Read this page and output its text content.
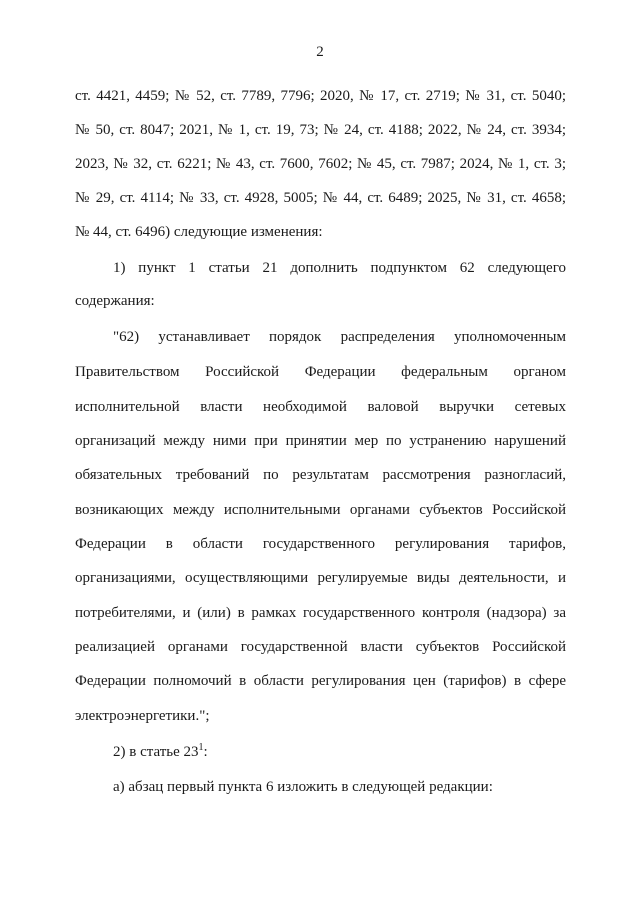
2
ст. 4421, 4459; № 52, ст. 7789, 7796; 2020, № 17, ст. 2719; № 31, ст. 5040;
№ 50, ст. 8047; 2021, № 1, ст. 19, 73; № 24, ст. 4188; 2022, № 24, ст. 3934;
2023, № 32, ст. 6221; № 43, ст. 7600, 7602; № 45, ст. 7987; 2024, № 1, ст. 3;
№ 29, ст. 4114; № 33, ст. 4928, 5005; № 44, ст. 6489; 2025, № 31, ст. 4658;
№ 44, ст. 6496) следующие изменения:
1) пункт 1 статьи 21 дополнить подпунктом 62 следующего
содержания:
"62) устанавливает порядок распределения уполномоченным
Правительством Российской Федерации федеральным органом
исполнительной власти необходимой валовой выручки сетевых
организаций между ними при принятии мер по устранению нарушений
обязательных требований по результатам рассмотрения разногласий,
возникающих между исполнительными органами субъектов Российской
Федерации в области государственного регулирования тарифов,
организациями, осуществляющими регулируемые виды деятельности, и
потребителями, и (или) в рамках государственного контроля (надзора) за
реализацией органами государственной власти субъектов Российской
Федерации полномочий в области регулирования цен (тарифов) в сфере
электроэнергетики.";
2) в статье $23^1$:
а) абзац первый пункта 6 изложить в следующей редакции:
